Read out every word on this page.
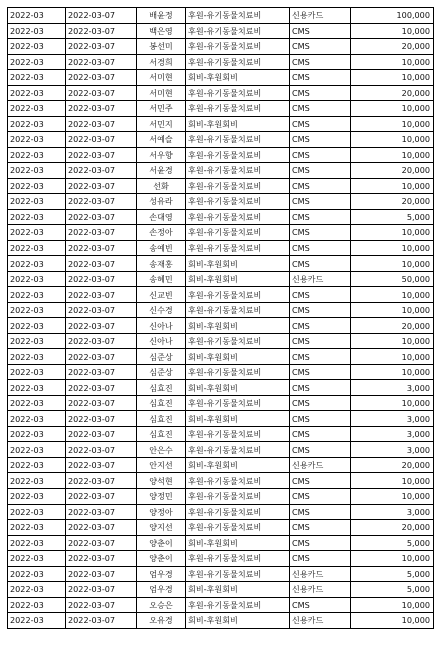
2022-03	2022-03-07	배윤정	후원-유기동물치료비	신용카드	100,000
2022-03	2022-03-07	백은영	후원-유기동물치료비	CMS	10,000
2022-03	2022-03-07	봉선미	후원-유기동물치료비	CMS	20,000
2022-03	2022-03-07	서경희	후원-유기동물치료비	CMS	10,000
2022-03	2022-03-07	서미현	회비-후원회비	CMS	10,000
2022-03	2022-03-07	서미현	후원-유기동물치료비	CMS	20,000
2022-03	2022-03-07	서민주	후원-유기동물치료비	CMS	10,000
2022-03	2022-03-07	서민지	회비-후원회비	CMS	10,000
2022-03	2022-03-07	서예슬	후원-유기동물치료비	CMS	10,000
2022-03	2022-03-07	서우향	후원-유기동물치료비	CMS	10,000
2022-03	2022-03-07	서윤경	후원-유기동물치료비	CMS	20,000
2022-03	2022-03-07	선화	후원-유기동물치료비	CMS	10,000
2022-03	2022-03-07	성유라	후원-유기동물치료비	CMS	20,000
2022-03	2022-03-07	손대영	후원-유기동물치료비	CMS	5,000
2022-03	2022-03-07	손정아	후원-유기동물치료비	CMS	10,000
2022-03	2022-03-07	송예빈	후원-유기동물치료비	CMS	10,000
2022-03	2022-03-07	송재홍	회비-후원회비	CMS	10,000
2022-03	2022-03-07	송혜민	회비-후원회비	신용카드	50,000
2022-03	2022-03-07	신교빈	후원-유기동물치료비	CMS	10,000
2022-03	2022-03-07	신수경	후원-유기동물치료비	CMS	10,000
2022-03	2022-03-07	신아나	회비-후원회비	CMS	20,000
2022-03	2022-03-07	신아나	후원-유기동물치료비	CMS	10,000
2022-03	2022-03-07	심준상	회비-후원회비	CMS	10,000
2022-03	2022-03-07	심준상	후원-유기동물치료비	CMS	10,000
2022-03	2022-03-07	심효진	회비-후원회비	CMS	3,000
2022-03	2022-03-07	심효진	후원-유기동물치료비	CMS	10,000
2022-03	2022-03-07	심효진	회비-후원회비	CMS	3,000
2022-03	2022-03-07	심효진	후원-유기동물치료비	CMS	3,000
2022-03	2022-03-07	안은수	후원-유기동물치료비	CMS	3,000
2022-03	2022-03-07	안지선	회비-후원회비	신용카드	20,000
2022-03	2022-03-07	양석현	후원-유기동물치료비	CMS	10,000
2022-03	2022-03-07	양정민	후원-유기동물치료비	CMS	10,000
2022-03	2022-03-07	양정아	후원-유기동물치료비	CMS	3,000
2022-03	2022-03-07	양지선	후원-유기동물치료비	CMS	20,000
2022-03	2022-03-07	양춘이	회비-후원회비	CMS	5,000
2022-03	2022-03-07	양춘이	후원-유기동물치료비	CMS	10,000
2022-03	2022-03-07	엄우경	후원-유기동물치료비	신용카드	5,000
2022-03	2022-03-07	엄우경	회비-후원회비	신용카드	5,000
2022-03	2022-03-07	오승은	후원-유기동물치료비	CMS	10,000
2022-03	2022-03-07	오유경	회비-후원회비	신용카드	10,000
